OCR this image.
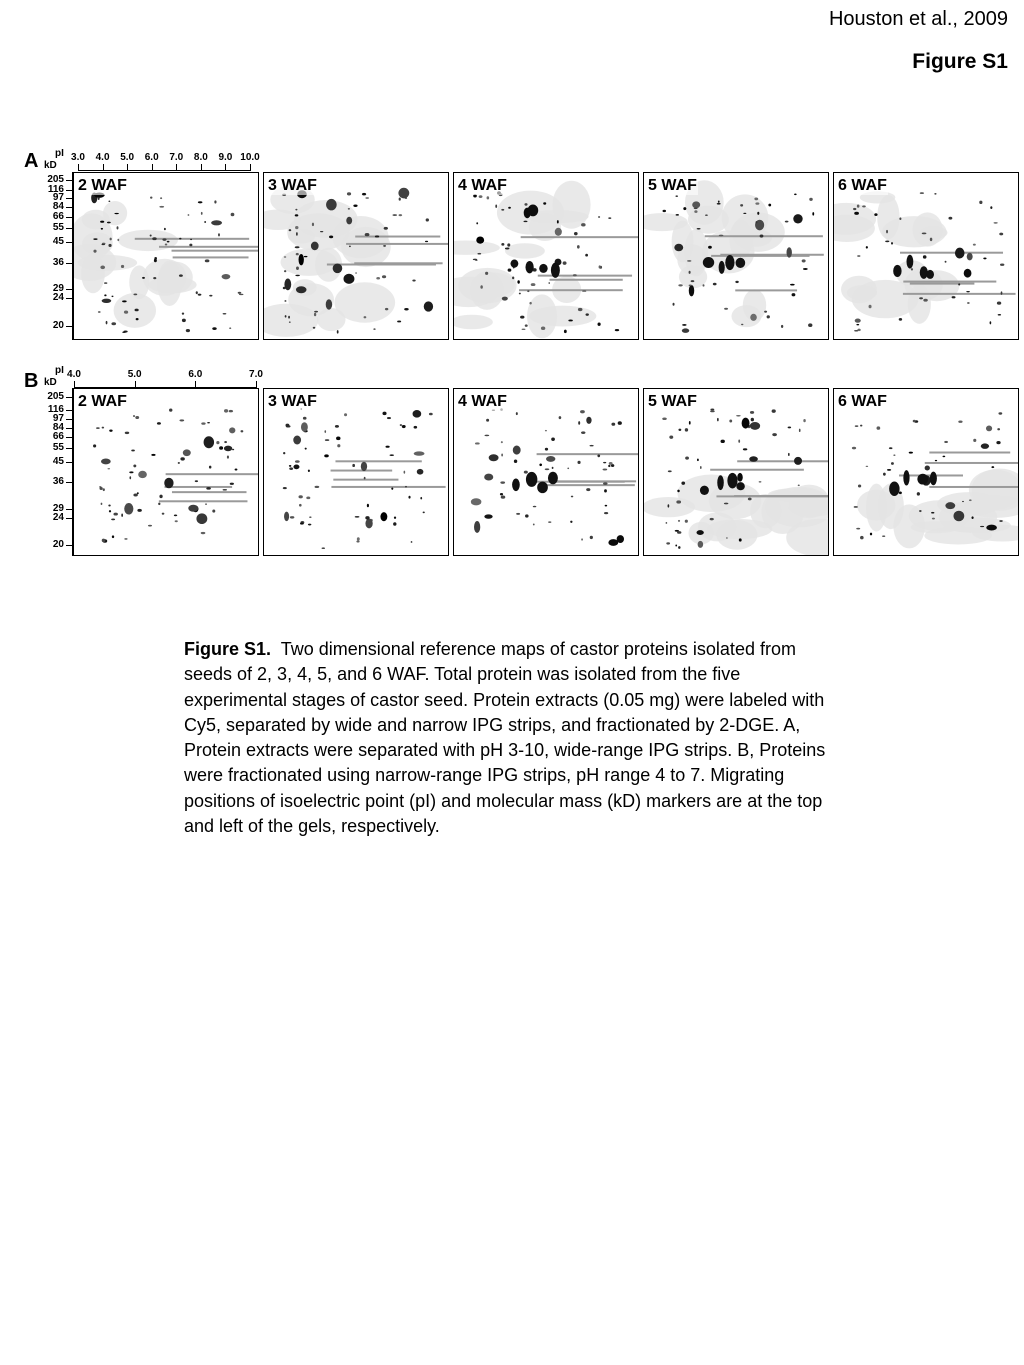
Houston et al., 2009
Figure S1
A pI
kD
3.0 4.0 5.0 6.0 7.0 8.0 9.0 10.0
205
116
97
84
66
55
45
36
29
24
20
2 WAF	3 WAF	4 WAF	5 WAF	6 WAF
B pI
kD
4.0	5.0	6.0	7.0
205
116
97
84
66
55
45
36
29
24
20
2 WAF	3 WAF	4 WAF	5 WAF	6 WAF
Figure S1. Two dimensional reference maps of castor proteins isolated from seeds of 2, 3, 4, 5, and 6 WAF. Total protein was isolated from the five experimental stages of castor seed. Protein extracts (0.05 mg) were labeled with Cy5, separated by wide and narrow IPG strips, and fractionated by 2-DGE. A, Protein extracts were separated with pH 3-10, wide-range IPG strips. B, Proteins were fractionated using narrow-range IPG strips, pH range 4 to 7. Migrating positions of isoelectric point (pI) and molecular mass (kD) markers are at the top and left of the gels, respectively.
